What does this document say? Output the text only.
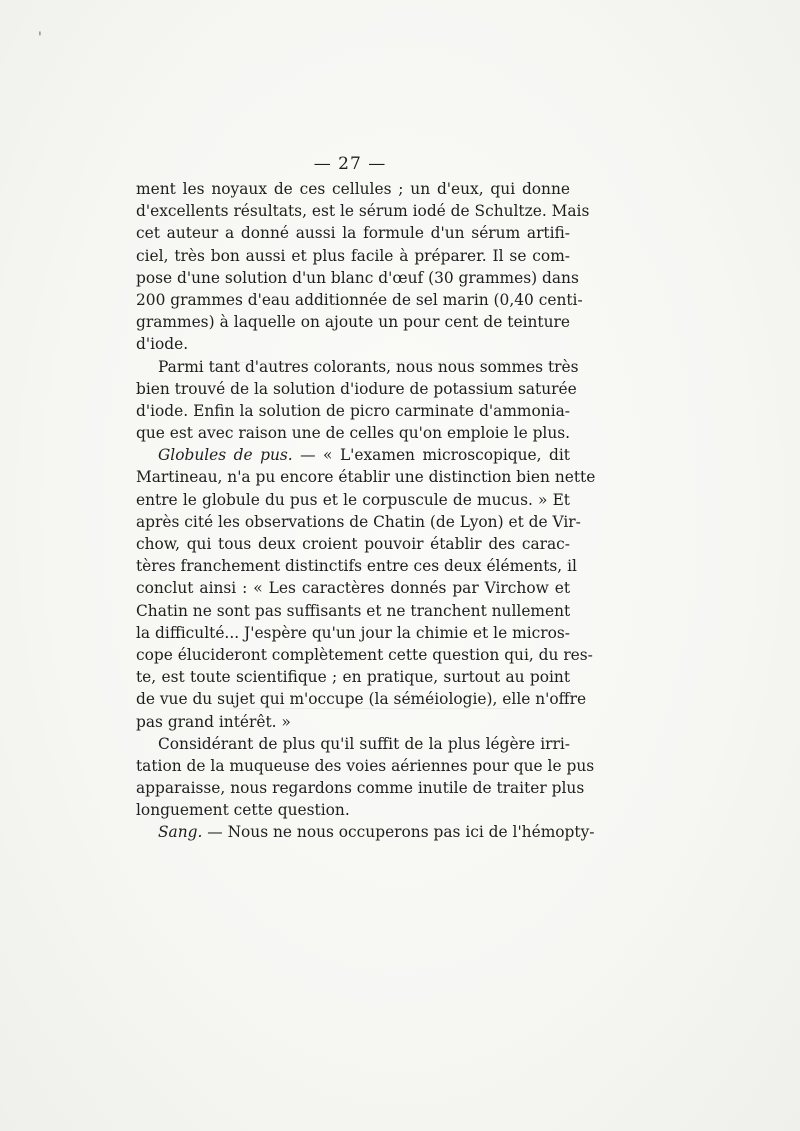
'
— 27 —
ment les noyaux de ces cellules ; un d'eux, qui donne
d'excellents résultats, est le sérum iodé de Schultze. Mais
cet auteur a donné aussi la formule d'un sérum artifi-
ciel, très bon aussi et plus facile à préparer. Il se com-
pose d'une solution d'un blanc d'œuf (30 grammes) dans
200 grammes d'eau additionnée de sel marin (0,40 centi-
grammes) à laquelle on ajoute un pour cent de teinture
d'iode.
Parmi tant d'autres colorants, nous nous sommes très
bien trouvé de la solution d'iodure de potassium saturée
d'iode. Enfin la solution de picro carminate d'ammonia-
que est avec raison une de celles qu'on emploie le plus.
Globules de pus. — « L'examen microscopique, dit
Martineau, n'a pu encore établir une distinction bien nette
entre le globule du pus et le corpuscule de mucus. » Et
après cité les observations de Chatin (de Lyon) et de Vir-
chow, qui tous deux croient pouvoir établir des carac-
tères franchement distinctifs entre ces deux éléments, il
conclut ainsi : « Les caractères donnés par Virchow et
Chatin ne sont pas suffisants et ne tranchent nullement
la difficulté... J'espère qu'un jour la chimie et le micros-
cope élucideront complètement cette question qui, du res-
te, est toute scientifique ; en pratique, surtout au point
de vue du sujet qui m'occupe (la séméiologie), elle n'offre
pas grand intérêt. »
Considérant de plus qu'il suffit de la plus légère irri-
tation de la muqueuse des voies aériennes pour que le pus
apparaisse, nous regardons comme inutile de traiter plus
longuement cette question.
Sang. — Nous ne nous occuperons pas ici de l'hémopty-
